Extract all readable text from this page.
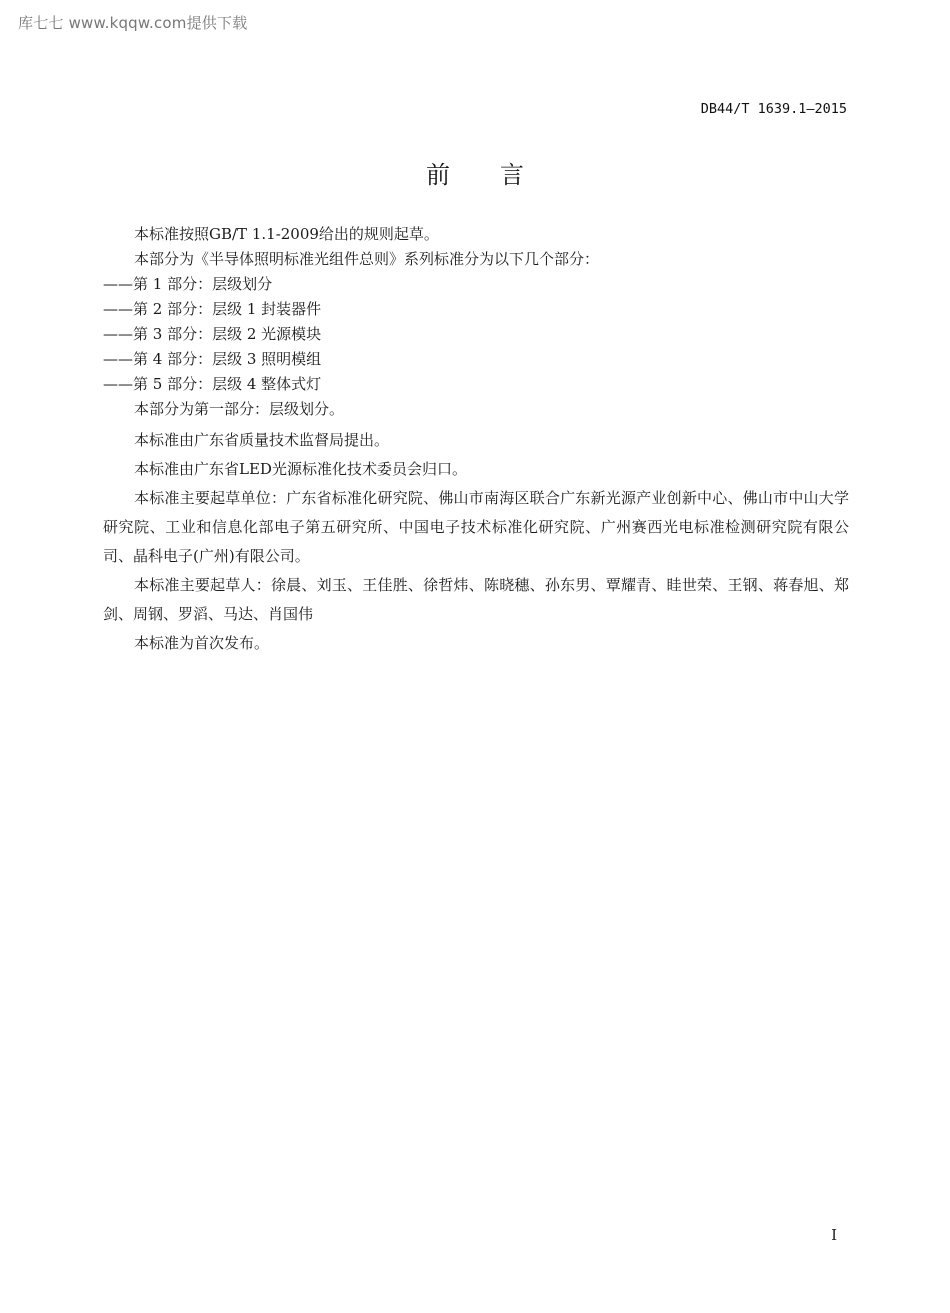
库七七 www.kqqw.com提供下载
DB44/T 1639.1—2015
前言
本标准按照GB/T 1.1-2009给出的规则起草。
本部分为《半导体照明标准光组件总则》系列标准分为以下几个部分：
——第 1 部分：层级划分
——第 2 部分：层级 1 封装器件
——第 3 部分：层级 2 光源模块
——第 4 部分：层级 3 照明模组
——第 5 部分：层级 4 整体式灯
本部分为第一部分：层级划分。
本标准由广东省质量技术监督局提出。
本标准由广东省LED光源标准化技术委员会归口。
本标准主要起草单位：广东省标准化研究院、佛山市南海区联合广东新光源产业创新中心、佛山市中山大学研究院、工业和信息化部电子第五研究所、中国电子技术标准化研究院、广州赛西光电标准检测研究院有限公司、晶科电子(广州)有限公司。
本标准主要起草人：徐晨、刘玉、王佳胜、徐哲炜、陈晓穗、孙东男、覃耀青、眭世荣、王钢、蒋春旭、郑剑、周钢、罗滔、马达、肖国伟
本标准为首次发布。
I
